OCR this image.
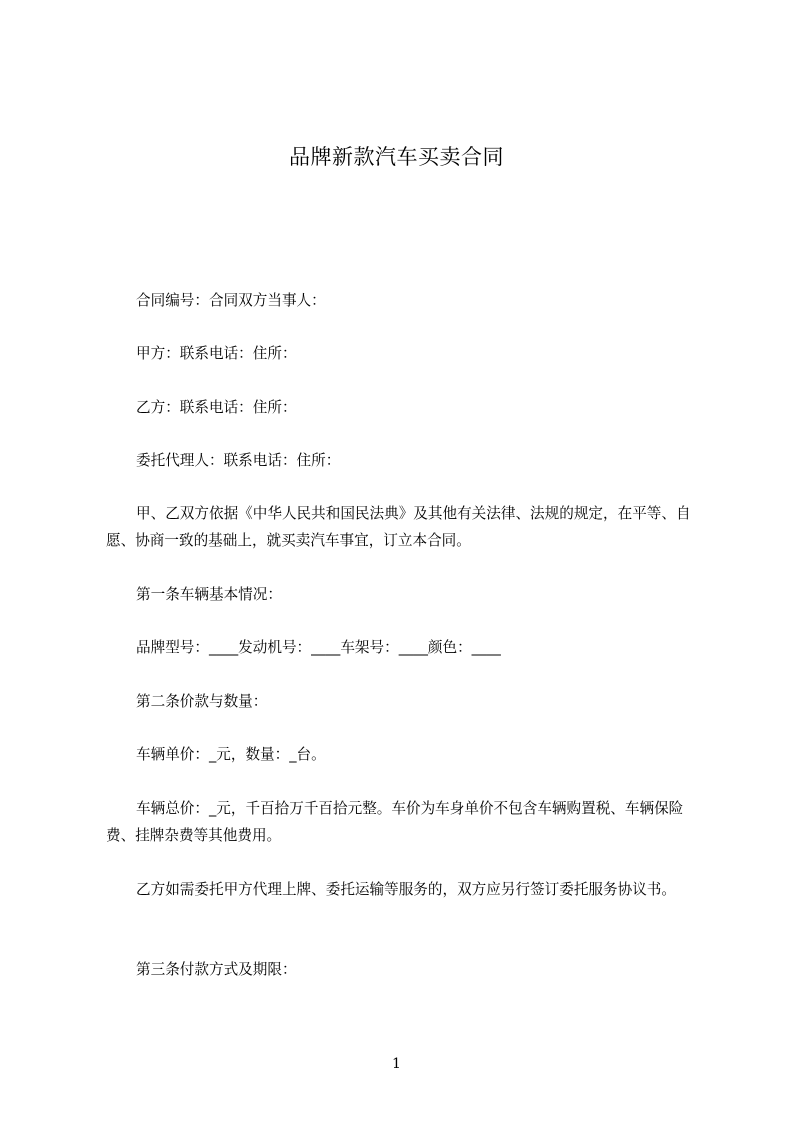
品牌新款汽车买卖合同
合同编号：合同双方当事人：
甲方：联系电话：住所：
乙方：联系电话：住所：
委托代理人：联系电话：住所：
甲、乙双方依据《中华人民共和国民法典》及其他有关法律、法规的规定，在平等、自愿、协商一致的基础上，就买卖汽车事宜，订立本合同。
第一条车辆基本情况：
品牌型号：____发动机号：____车架号：____颜色：____
第二条价款与数量：
车辆单价：_元，数量：_台。
车辆总价：_元，千百拾万千百拾元整。车价为车身单价不包含车辆购置税、车辆保险费、挂牌杂费等其他费用。
乙方如需委托甲方代理上牌、委托运输等服务的，双方应另行签订委托服务协议书。
第三条付款方式及期限：
1
